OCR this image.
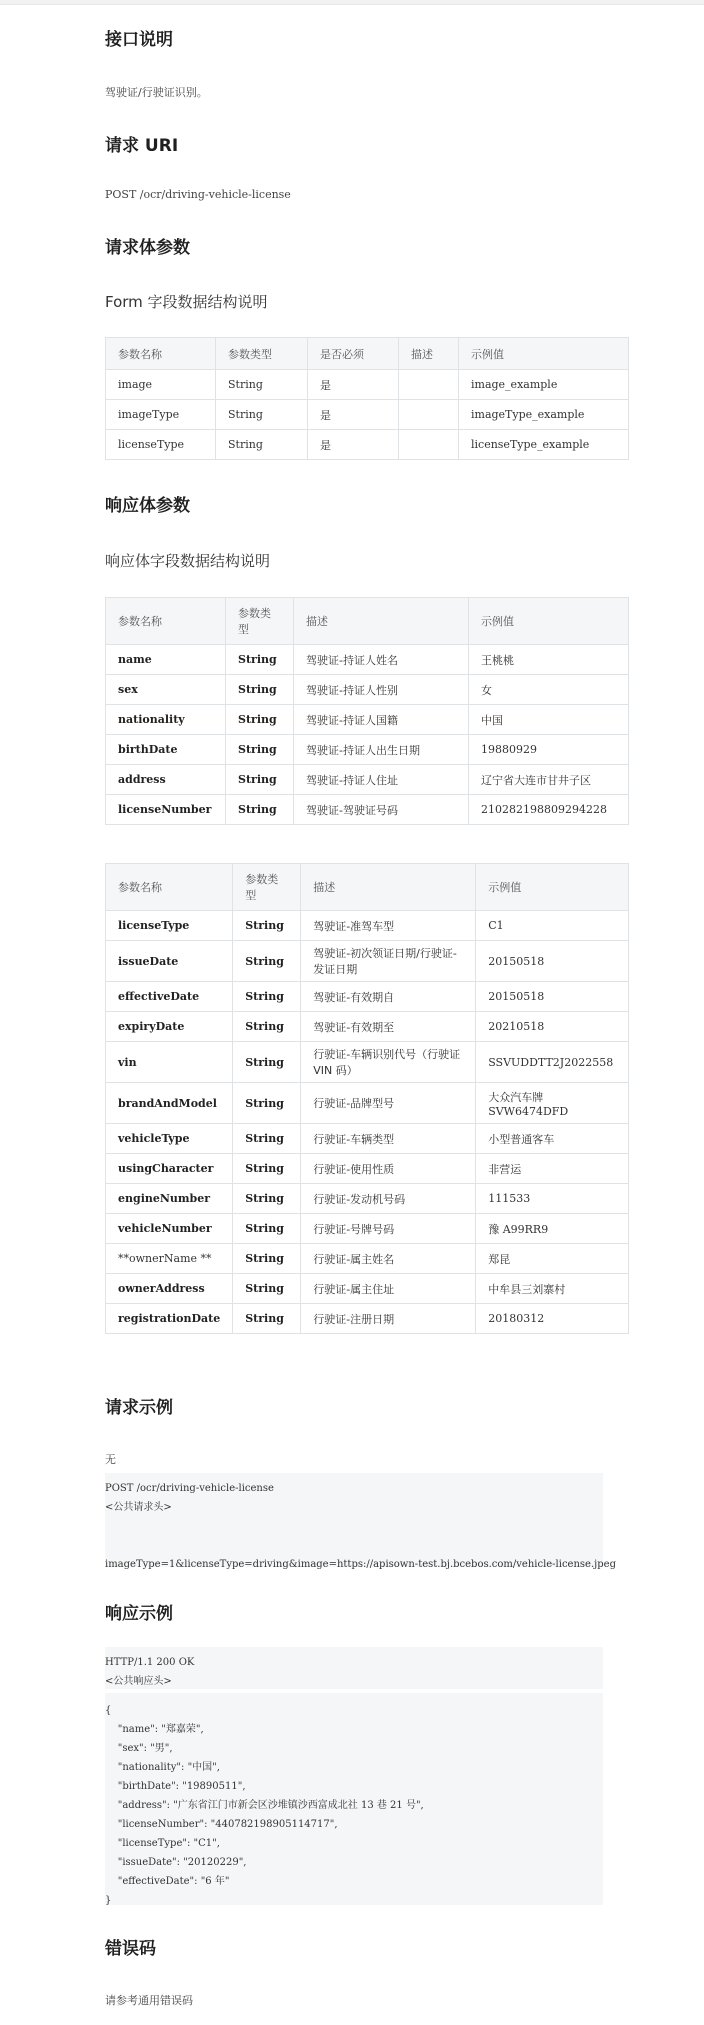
接口说明

驾驶证/行驶证识别。

请求 URI

POST /ocr/driving-vehicle-license

请求体参数
Form 字段数据结构说明
参数名称	参数类型	是否必须	描述	示例值
image	String	是		image_example
imageType	String	是		imageType_example
licenseType	String	是		licenseType_example
响应体参数
响应体字段数据结构说明
参数名称	参数类型	描述	示例值
name	String	驾驶证-持证人姓名	王桃桃
sex	String	驾驶证-持证人性别	女
nationality	String	驾驶证-持证人国籍	中国
birthDate	String	驾驶证-持证人出生日期	19880929
address	String	驾驶证-持证人住址	辽宁省大连市甘井子区
licenseNumber	String	驾驶证-驾驶证号码	210282198809294228
参数名称	参数类型	描述	示例值
licenseType	String	驾驶证-准驾车型	C1
issueDate	String	驾驶证-初次领证日期/行驶证-发证日期	20150518
effectiveDate	String	驾驶证-有效期自	20150518
expiryDate	String	驾驶证-有效期至	20210518
vin	String	行驶证-车辆识别代号（行驶证 VIN 码）	SSVUDDTT2J2022558
brandAndModel	String	行驶证-品牌型号	大众汽车牌 SVW6474DFD
vehicleType	String	行驶证-车辆类型	小型普通客车
usingCharacter	String	行驶证-使用性质	非营运
engineNumber	String	行驶证-发动机号码	111533
vehicleNumber	String	行驶证-号牌号码	豫 A99RR9
**ownerName **	String	行驶证-属主姓名	郑昆
ownerAddress	String	行驶证-属主住址	中牟县三刘寨村
registrationDate	String	行驶证-注册日期	20180312
请求示例

无

POST /ocr/driving-vehicle-license
<公共请求头>
imageType=1&licenseType=driving&image=https://apisown-test.bj.bcebos.com/vehicle-license.jpeg
响应示例
HTTP/1.1 200 OK
<公共响应头>
{
"name": "郑嘉荣",
"sex": "男",
"nationality": "中国",
"birthDate": "19890511",
"address": "广东省江门市新会区沙堆镇沙西富成北社 13 巷 21 号",
"licenseNumber": "440782198905114717",
"licenseType": "C1",
"issueDate": "20120229",
"effectiveDate": "6 年"
}
错误码

请参考通用错误码
